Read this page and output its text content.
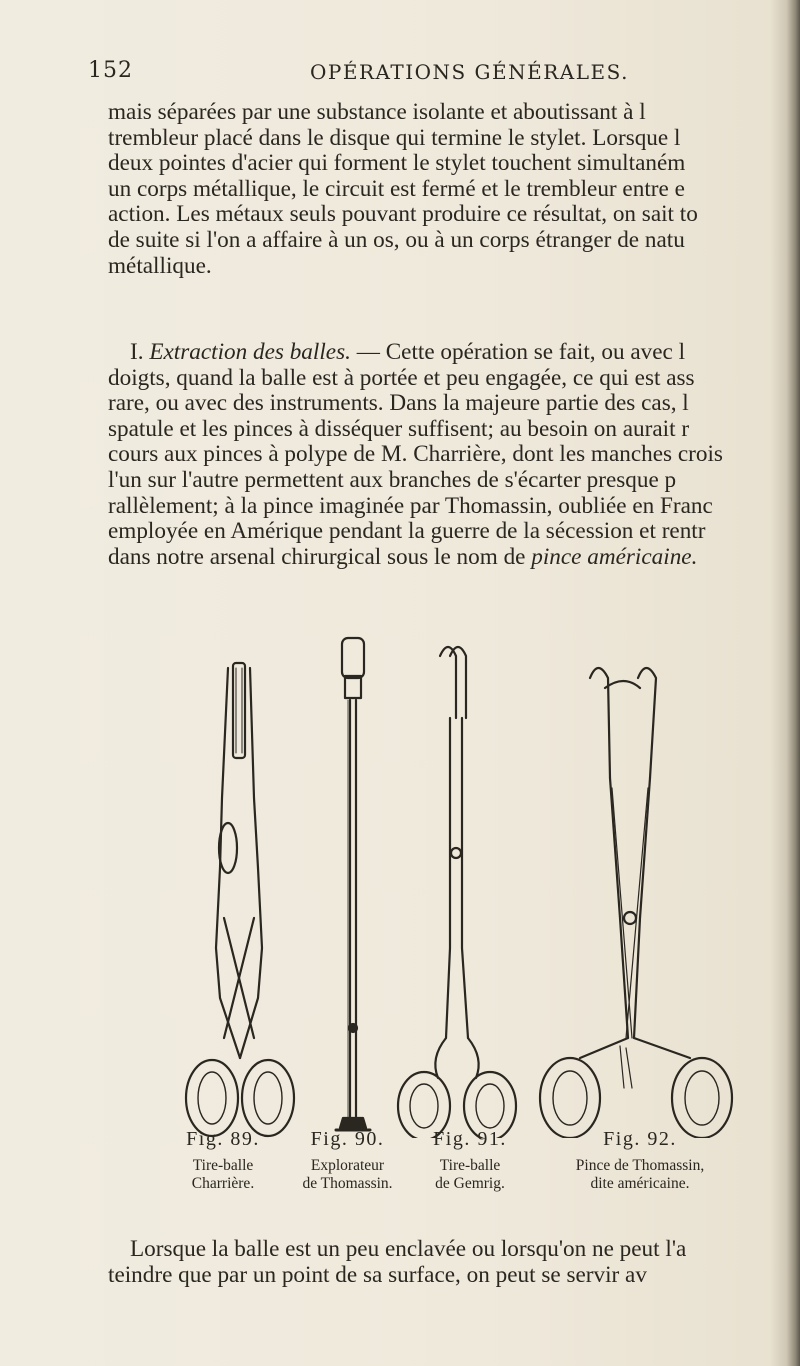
152	OPÉRATIONS GÉNÉRALES.
mais séparées par une substance isolante et aboutissant à l
trembleur placé dans le disque qui termine le stylet. Lorsque l
deux pointes d'acier qui forment le stylet touchent simultaném
un corps métallique, le circuit est fermé et le trembleur entre e
action. Les métaux seuls pouvant produire ce résultat, on sait to
de suite si l'on a affaire à un os, ou à un corps étranger de natu
métallique.
I. Extraction des balles. — Cette opération se fait, ou avec l
doigts, quand la balle est à portée et peu engagée, ce qui est ass
rare, ou avec des instruments. Dans la majeure partie des cas, l
spatule et les pinces à disséquer suffisent; au besoin on aurait r
cours aux pinces à polype de M. Charrière, dont les manches crois
l'un sur l'autre permettent aux branches de s'écarter presque p
rallèlement; à la pince imaginée par Thomassin, oubliée en Franc
employée en Amérique pendant la guerre de la sécession et rentr
dans notre arsenal chirurgical sous le nom de pince américaine.
Fig. 89.
Tire-balle
Charrière.
Fig. 90.
Explorateur
de Thomassin.
Fig. 91.
Tire-balle
de Gemrig.
Fig. 92.
Pince de Thomassin,
dite américaine.
Lorsque la balle est un peu enclavée ou lorsqu'on ne peut l'a
teindre que par un point de sa surface, on peut se servir av
